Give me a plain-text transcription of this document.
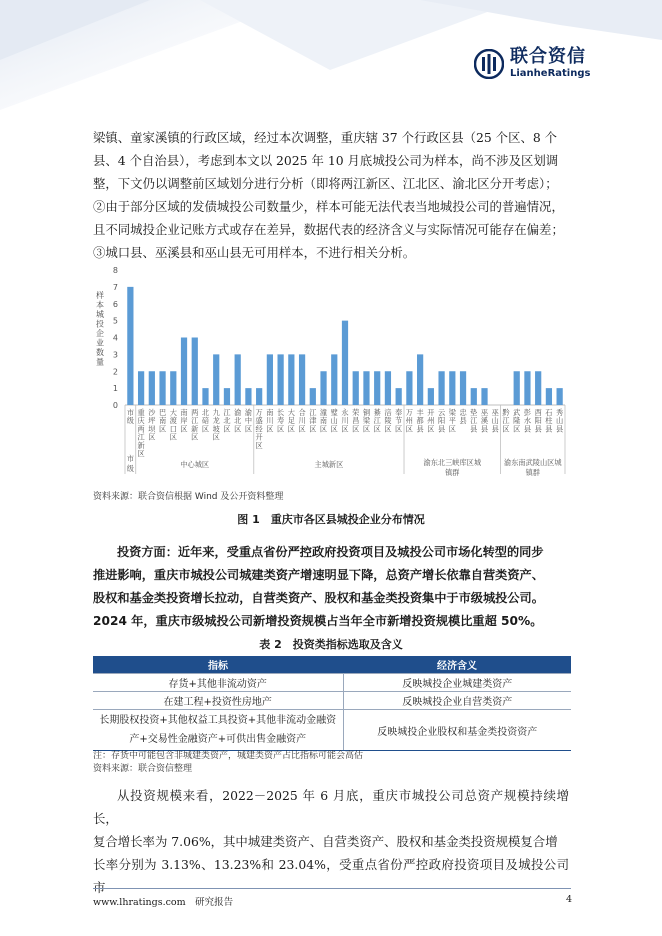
联合资信
LianheRatings

梁镇、童家溪镇的行政区域，经过本次调整，重庆辖 37 个行政区县（25 个区、8 个

县、4 个自治县），考虑到本文以 2025 年 10 月底城投公司为样本，尚不涉及区划调

整，下文仍以调整前区域划分进行分析（即将两江新区、江北区、渝北区分开考虑）；

②由于部分区域的发债城投公司数量少，样本可能无法代表当地城投公司的普遍情况，

且不同城投企业记账方式或存在差异，数据代表的经济含义与实际情况可能存在偏差；

③城口县、巫溪县和巫山县无可用样本，不进行相关分析。

0
1
2
3
4
5
6
7
8
样
本
城
投
企
业
数
量
市
级
重
庆
两
江
新
区
沙
坪
坝
区
巴
南
区
大
渡
口
区
南
岸
区
两
江
新
区
北
碚
区
九
龙
坡
区
江
北
区
渝
北
区
渝
中
区
万
盛
经
开
区
南
川
区
长
寿
区
大
足
区
合
川
区
江
津
区
潼
南
区
璧
山
区
永
川
区
荣
昌
区
铜
梁
区
綦
江
区
涪
陵
区
奉
节
区
万
州
区
丰
都
县
开
州
区
云
阳
县
梁
平
区
忠
县
垫
江
县
巫
溪
县
巫
山
县
黔
江
区
武
隆
区
彭
水
县
酉
阳
县
石
柱
县
秀
山
县
市
级	中心城区	主城新区	渝东北三峡库区城
镇群
渝东南武陵山区城
镇群
资料来源：联合资信根据 Wind 及公开资料整理
图 1　重庆市各区县城投企业分布情况

投资方面：近年来，受重点省份严控政府投资项目及城投公司市场化转型的同步

推进影响，重庆市城投公司城建类资产增速明显下降，总资产增长依靠自营类资产、

股权和基金类投资增长拉动，自营类资产、股权和基金类投资集中于市级城投公司。

2024 年，重庆市级城投公司新增投资规模占当年全市新增投资规模比重超 50%。

表 2　投资类指标选取及含义
指标	经济含义
存货+其他非流动资产	反映城投企业城建类资产
在建工程+投资性房地产	反映城投企业自营类资产

长期股权投资+其他权益工具投资+其他非流动金融资
产+交易性金融资产+可供出售金融资产	反映城投企业股权和基金类投资资产
注：存货中可能包含非城建类资产，城建类资产占比指标可能会高估
资料来源：联合资信整理

从投资规模来看，2022－2025 年 6 月底，重庆市城投公司总资产规模持续增长，

复合增长率为 7.06%，其中城建类资产、自营类资产、股权和基金类投资规模复合增

长率分别为 3.13%、13.23%和 23.04%，受重点省份严控政府投资项目及城投公司市

www.lhratings.com　研究报告	4
